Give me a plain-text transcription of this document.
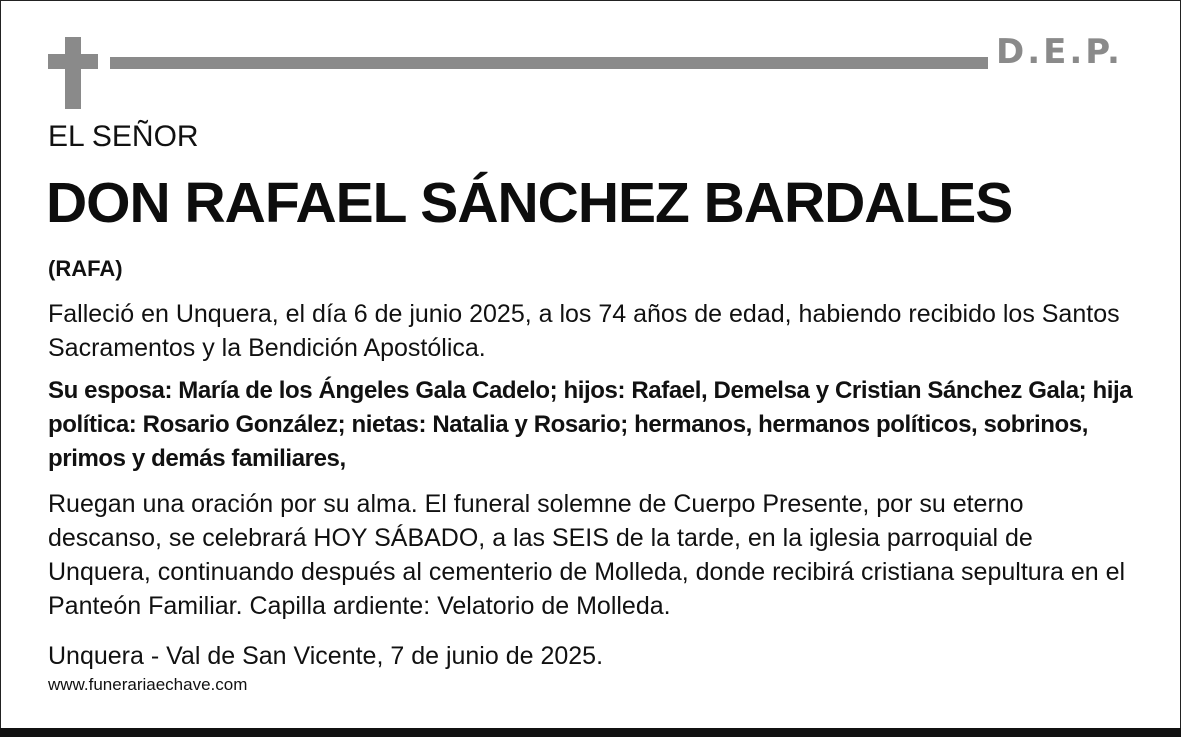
D.E.P.
EL SEÑOR
DON RAFAEL SÁNCHEZ BARDALES
(RAFA)
Falleció en Unquera, el día 6 de junio 2025, a los 74 años de edad, habiendo recibido los Santos Sacramentos y la Bendición Apostólica.
Su esposa: María de los Ángeles Gala Cadelo; hijos: Rafael, Demelsa y Cristian Sánchez Gala; hija política: Rosario González; nietas: Natalia y Rosario; hermanos, hermanos políticos, sobrinos, primos y demás familiares,
Ruegan una oración por su alma. El funeral solemne de Cuerpo Presente, por su eterno descanso, se celebrará HOY SÁBADO, a las SEIS de la tarde, en la iglesia parroquial de Unquera, continuando después al cementerio de Molleda, donde recibirá cristiana sepultura en el Panteón Familiar. Capilla ardiente: Velatorio de Molleda.
Unquera - Val de San Vicente, 7 de junio de 2025.
www.funerariaechave.com
